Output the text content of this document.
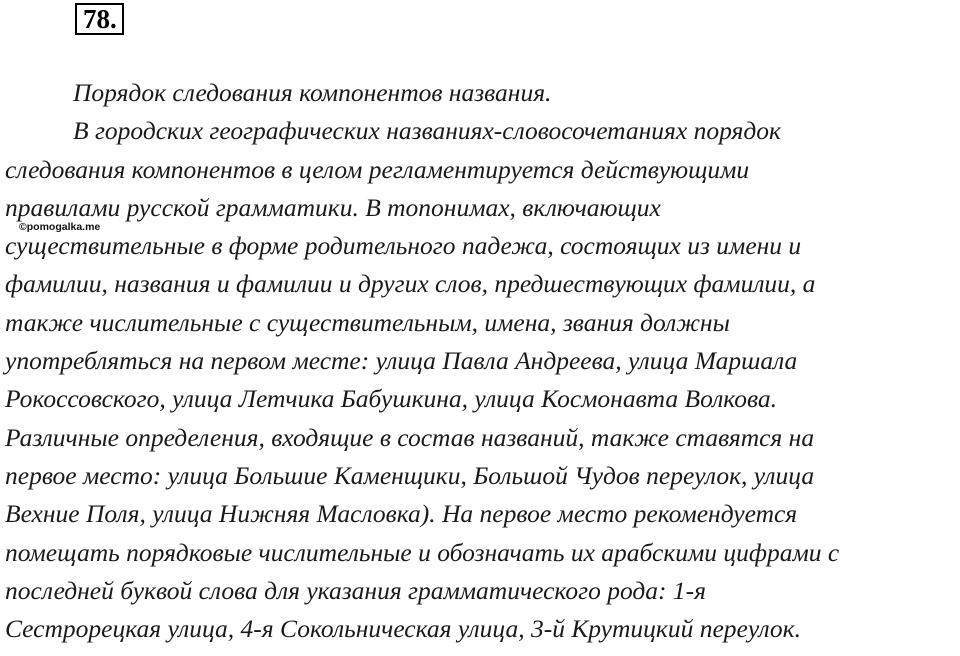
78.
Порядок следования компонентов названия.
В городских географических названиях-словосочетаниях порядок
следования компонентов в целом регламентируется действующими
правилами русской грамматики. В топонимах, включающих
существительные в форме родительного падежа, состоящих из имени и
фамилии, названия и фамилии и других слов, предшествующих фамилии, а
также числительные с существительным, имена, звания должны
употребляться на первом месте: улица Павла Андреева, улица Маршала
Рокоссовского, улица Летчика Бабушкина, улица Космонавта Волкова.
Различные определения, входящие в состав названий, также ставятся на
первое место: улица Большие Каменщики, Большой Чудов переулок, улица
Вехние Поля, улица Нижняя Масловка). На первое место рекомендуется
помещать порядковые числительные и обозначать их арабскими цифрами с
последней буквой слова для указания грамматического рода: 1-я
Сестрорецкая улица, 4-я Сокольническая улица, 3-й Крутицкий переулок.
©pomogalka.me
